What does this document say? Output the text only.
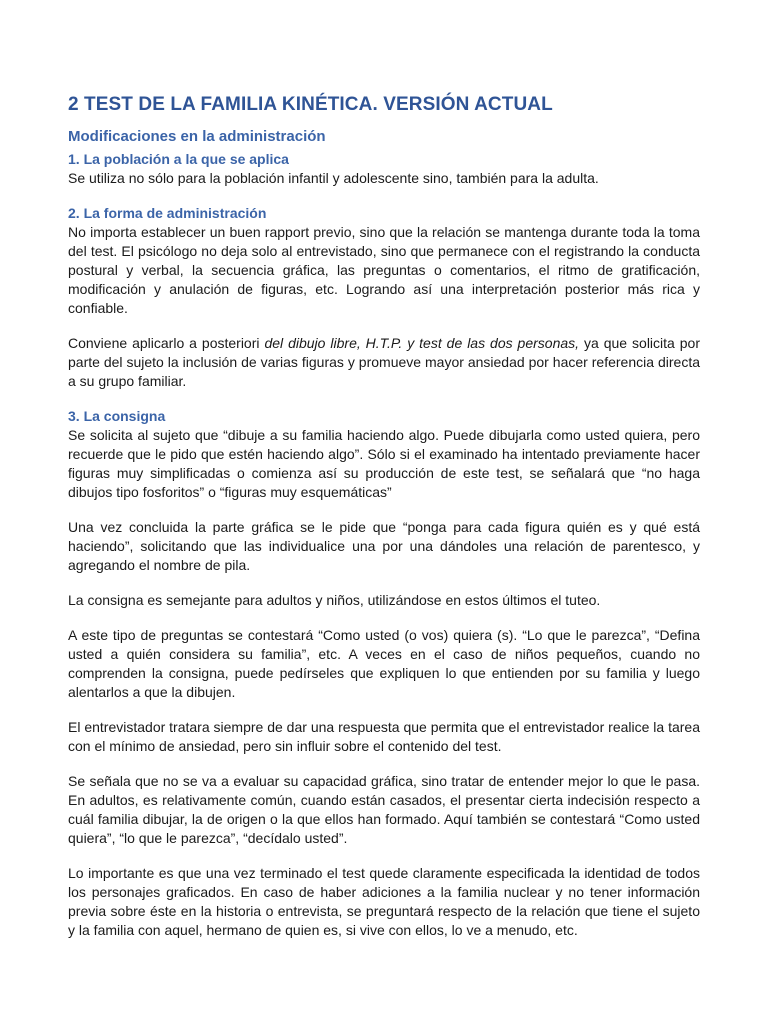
2 TEST DE LA FAMILIA KINÉTICA. VERSIÓN ACTUAL
Modificaciones en la administración
1. La población a la que se aplica

Se utiliza no sólo para la población infantil y adolescente sino, también para la adulta.

2. La forma de administración

No importa establecer un buen rapport previo, sino que la relación se mantenga durante toda la toma del test. El psicólogo no deja solo al entrevistado, sino que permanece con el registrando la conducta postural y verbal, la secuencia gráfica, las preguntas o comentarios, el ritmo de gratificación, modificación y anulación de figuras, etc. Logrando así una interpretación posterior más rica y confiable.

Conviene aplicarlo a posteriori del dibujo libre, H.T.P. y test de las dos personas, ya que solicita por parte del sujeto la inclusión de varias figuras y promueve mayor ansiedad por hacer referencia directa a su grupo familiar.

3. La consigna

Se solicita al sujeto que “dibuje a su familia haciendo algo. Puede dibujarla como usted quiera, pero recuerde que le pido que estén haciendo algo”. Sólo si el examinado ha intentado previamente hacer figuras muy simplificadas o comienza así su producción de este test, se señalará que “no haga dibujos tipo fosforitos” o “figuras muy esquemáticas”

Una vez concluida la parte gráfica se le pide que “ponga para cada figura quién es y qué está haciendo”, solicitando que las individualice una por una dándoles una relación de parentesco, y agregando el nombre de pila.

La consigna es semejante para adultos y niños, utilizándose en estos últimos el tuteo.

A este tipo de preguntas se contestará “Como usted (o vos) quiera (s). “Lo que le parezca”, “Defina usted a quién considera su familia”, etc. A veces en el caso de niños pequeños, cuando no comprenden la consigna, puede pedírseles que expliquen lo que entienden por su familia y luego alentarlos a que la dibujen.

El entrevistador tratara siempre de dar una respuesta que permita que el entrevistador realice la tarea con el mínimo de ansiedad, pero sin influir sobre el contenido del test.

Se señala que no se va a evaluar su capacidad gráfica, sino tratar de entender mejor lo que le pasa. En adultos, es relativamente común, cuando están casados, el presentar cierta indecisión respecto a cuál familia dibujar, la de origen o la que ellos han formado. Aquí también se contestará “Como usted quiera”, “lo que le parezca”, “decídalo usted”.

Lo importante es que una vez terminado el test quede claramente especificada la identidad de todos los personajes graficados. En caso de haber adiciones a la familia nuclear y no tener información previa sobre éste en la historia o entrevista, se preguntará respecto de la relación que tiene el sujeto y la familia con aquel, hermano de quien es, si vive con ellos, lo ve a menudo, etc.
